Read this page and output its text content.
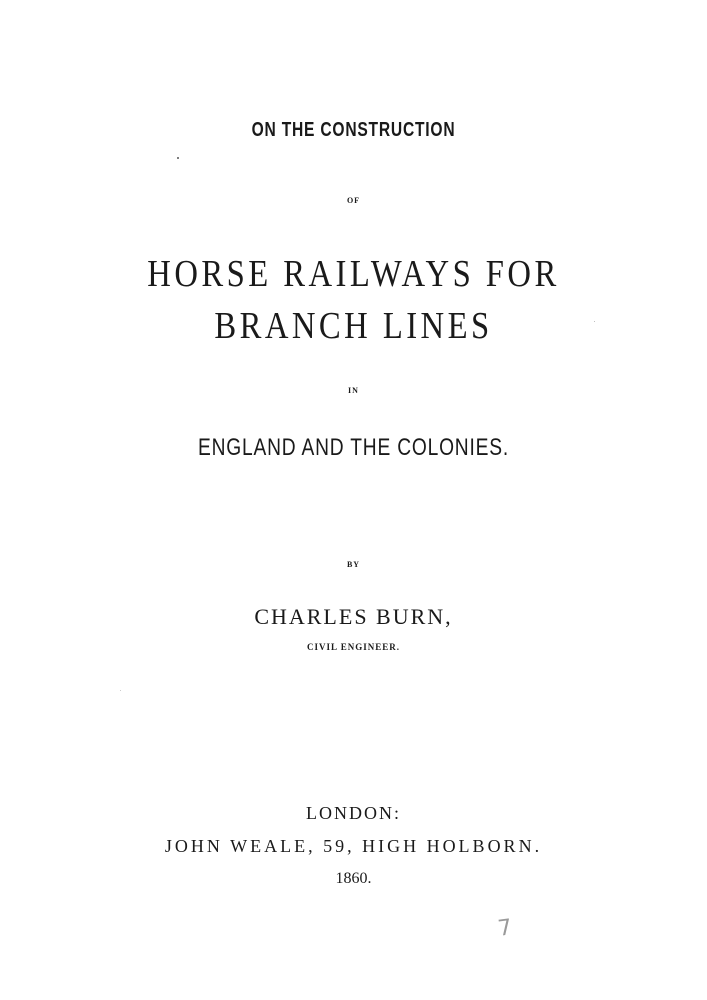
ON THE CONSTRUCTION
OF
HORSE RAILWAYS FOR
BRANCH LINES
IN
ENGLAND AND THE COLONIES.
BY
CHARLES BURN,
CIVIL ENGINEER.
LONDON:
JOHN WEALE, 59, HIGH HOLBORN.
1860.
7
